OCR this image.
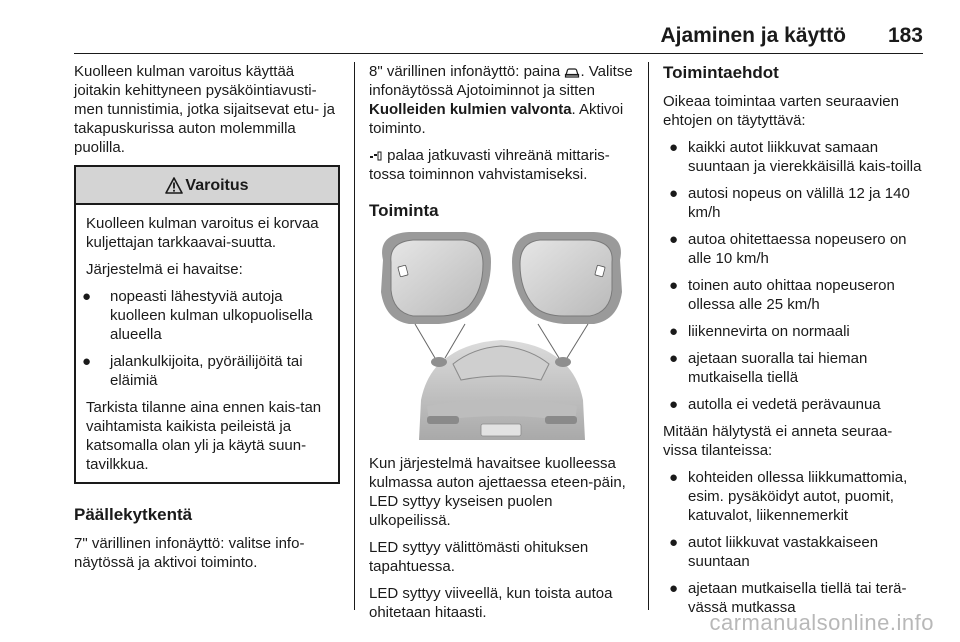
Ajaminen ja käyttö 183

Kuolleen kulman varoitus käyttää joitakin kehittyneen pysäköintiavusti-men tunnistimia, jotka sijaitsevat etu- ja takapuskurissa auton molemmilla puolilla.

Varoitus

Kuolleen kulman varoitus ei korvaa kuljettajan tarkkaavai-suutta.

Järjestelmä ei havaitse:

● nopeasti lähestyviä autoja kuolleen kulman ulkopuolisella alueella
● jalankulkijoita, pyöräilijöitä tai eläimiä

Tarkista tilanne aina ennen kais-tan vaihtamista kaikista peileistä ja katsomalla olan yli ja käytä suun-tavilkkua.

Päällekytkentä

7" värillinen infonäyttö: valitse info-näytössä ja aktivoi toiminto.

8" värillinen infonäyttö: paina . Valitse infonäytössä Ajotoiminnot ja sitten Kuolleiden kulmien valvonta. Aktivoi toiminto.

palaa jatkuvasti vihreänä mittaris-tossa toiminnon vahvistamiseksi.

Toiminta

Kun järjestelmä havaitsee kuolleessa kulmassa auton ajettaessa eteen-päin, LED syttyy kyseisen puolen ulkopeilissä.

LED syttyy välittömästi ohituksen tapahtuessa.

LED syttyy viiveellä, kun toista autoa ohitetaan hitaasti.

Toimintaehdot

Oikeaa toimintaa varten seuraavien ehtojen on täytyttävä:

● kaikki autot liikkuvat samaan suuntaan ja vierekkäisillä kais-toilla
● autosi nopeus on välillä 12 ja 140 km/h
● autoa ohitettaessa nopeusero on alle 10 km/h
● toinen auto ohittaa nopeuseron ollessa alle 25 km/h
● liikennevirta on normaali
● ajetaan suoralla tai hieman mutkaisella tiellä
● autolla ei vedetä perävaunua

Mitään hälytystä ei anneta seuraa-vissa tilanteissa:

● kohteiden ollessa liikkumattomia, esim. pysäköidyt autot, puomit, katuvalot, liikennemerkit
● autot liikkuvat vastakkaiseen suuntaan
● ajetaan mutkaisella tiellä tai terä-vässä mutkassa
carmanualsonline.info
